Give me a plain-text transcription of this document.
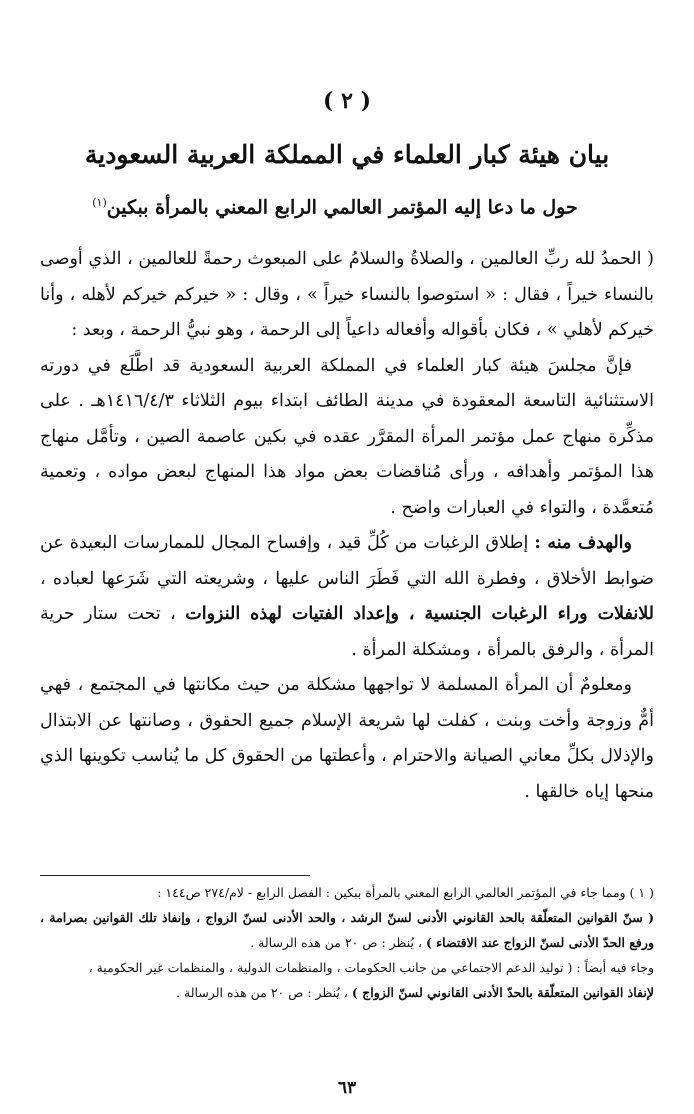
( ٢ )
بيان هيئة كبار العلماء في المملكة العربية السعودية
حول ما دعا إليه المؤتمر العالمي الرابع المعني بالمرأة ببكين$^{(١)}$

( الحمدُ لله ربِّ العالمين ، والصلاةُ والسلامُ على المبعوث رحمةً للعالمين ، الذي أوصى بالنساء خيراً ، فقال : « استوصوا بالنساء خيراً » ، وقال : « خيركم خيركم لأهله ، وأنا خيركم لأهلي » ، فكان بأقواله وأفعاله داعياً إلى الرحمة ، وهو نبيُّ الرحمة ، وبعد :

فإنَّ مجلسَ هيئة كبار العلماء في المملكة العربية السعودية قد اطَّلَع في دورته الاستثنائية التاسعة المعقودة في مدينة الطائف ابتداء بيوم الثلاثاء ١٤١٦/٤/٣هـ . على مذكِّرة منهاج عمل مؤتمر المرأة المقرَّر عقده في بكين عاصمة الصين ، وتأمَّل منهاج هذا المؤتمر وأهدافه ، ورأى مُناقضات بعض مواد هذا المنهاج لبعض مواده ، وتعمية مُتعمَّدة ، والتواء في العبارات واضح .

والهدف منه : إطلاق الرغبات من كُلِّ قيد ، وإفساح المجال للممارسات البعيدة عن ضوابط الأخلاق ، وفطرة الله التي فَطَرَ الناس عليها ، وشريعته التي شَرَعها لعباده ، للانفلات وراء الرغبات الجنسية ، وإعداد الفتيات لهذه النزوات ، تحت ستار حرية المرأة ، والرفق بالمرأة ، ومشكلة المرأة .

ومعلومٌ أن المرأة المسلمة لا تواجهها مشكلة من حيث مكانتها في المجتمع ، فهي أمٌّ وزوجة وأخت وبنت ، كفلت لها شريعة الإسلام جميع الحقوق ، وصانتها عن الابتذال والإذلال بكلِّ معاني الصيانة والاحترام ، وأعطتها من الحقوق كل ما يُناسب تكوينها الذي منحها إياه خالقها .

( ١ ) ومما جاء في المؤتمر العالمي الرابع المعني بالمرأة ببكين : الفصل الرابع - لام/٢٧٤ ص١٤٤ :

( سنّ القوانين المتعلّقة بالحد القانوني الأدنى لسنّ الرشد ، والحد الأدنى لسنّ الزواج ، وإنفاذ تلك القوانين بصرامة ، ورفع الحدّ الأدنى لسنّ الزواج عند الاقتضاء ) ، يُنظر : ص ٢٠ من هذه الرسالة .

وجاء فيه أيضاً : ( توليد الدعم الاجتماعي من جانب الحكومات ، والمنظمات الدولية ، والمنظمات غير الحكومية ،

لإنفاذ القوانين المتعلّقة بالحدّ الأدنى القانوني لسنّ الزواج ) ، يُنظر : ص ٢٠ من هذه الرسالة .

٦٣
